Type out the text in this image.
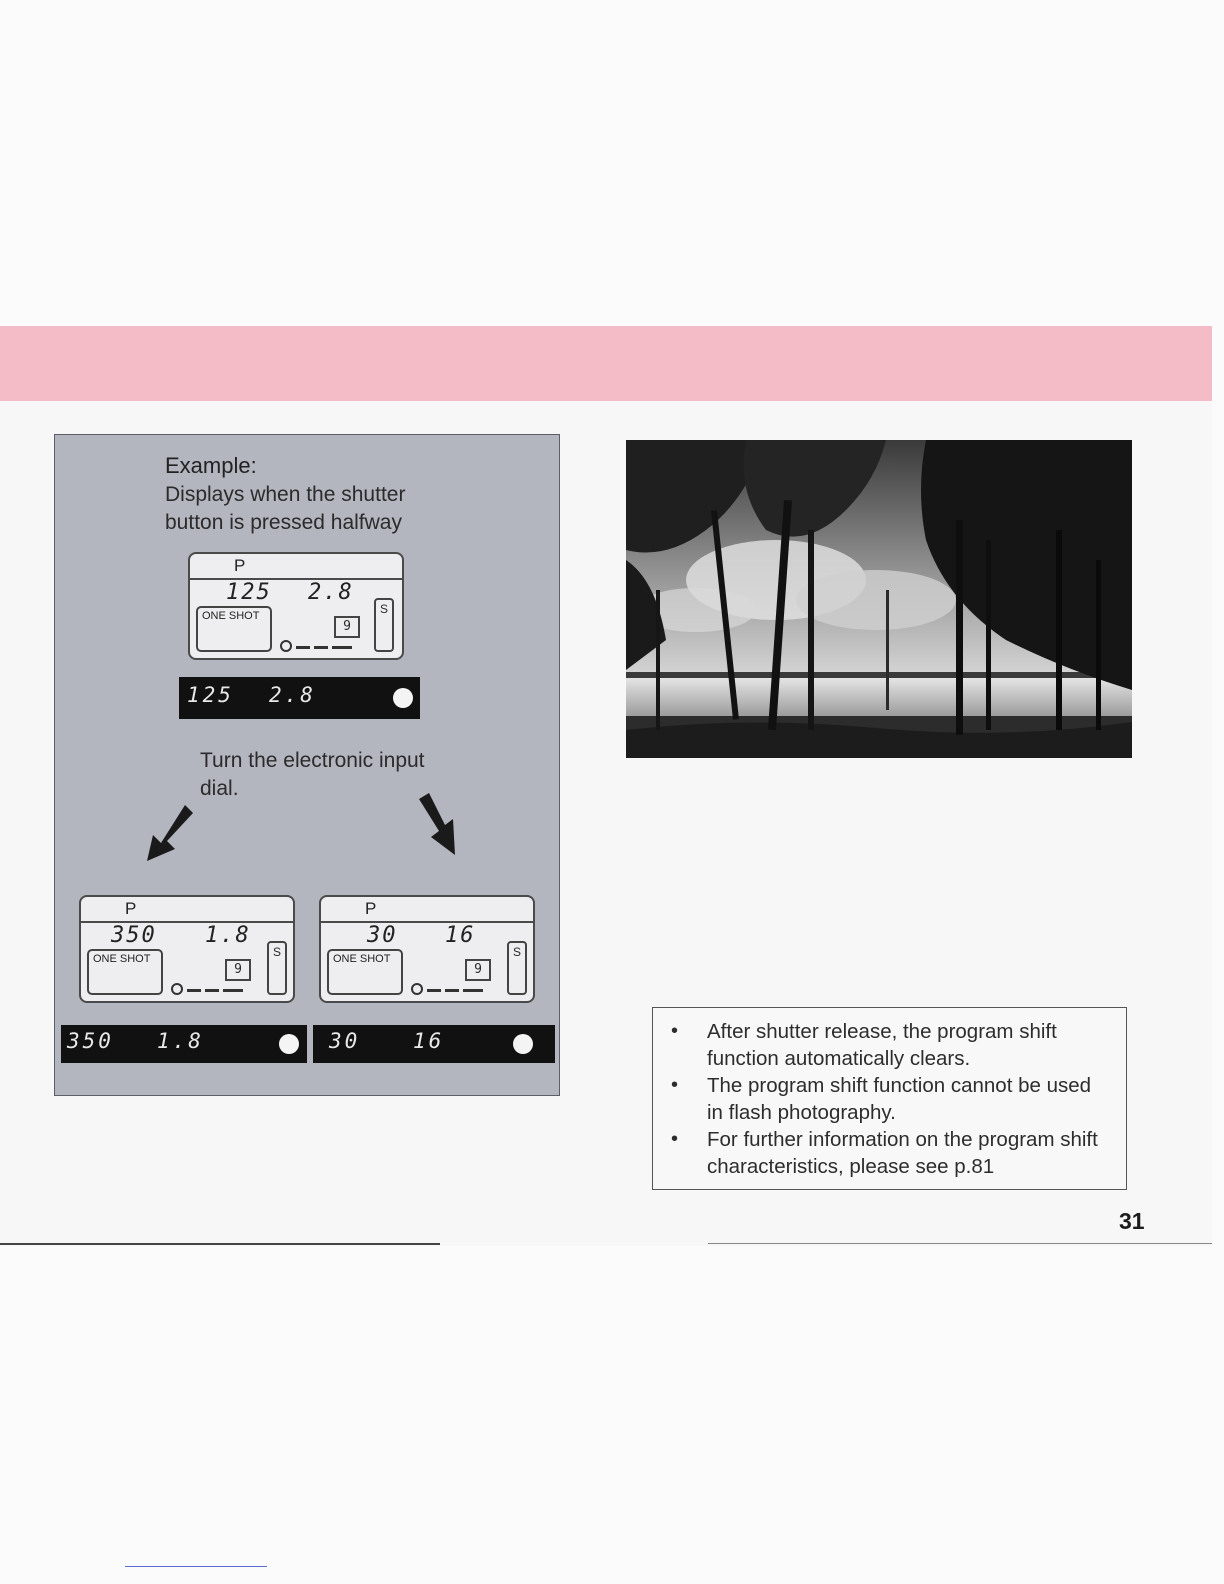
Example:
Displays when the shutter button is pressed halfway
P
125 2.8
ONE SHOT
9
S
125 2.8
Turn the electronic input dial.
P
350 1.8
ONE SHOT
9
S
350 1.8
P
30 16
ONE SHOT
9
S
30	16	• After shutter release, the program shift function automatically clears.
• The program shift function cannot be used in flash photography.
• For further information on the program shift characteristics, please see p.81
31
